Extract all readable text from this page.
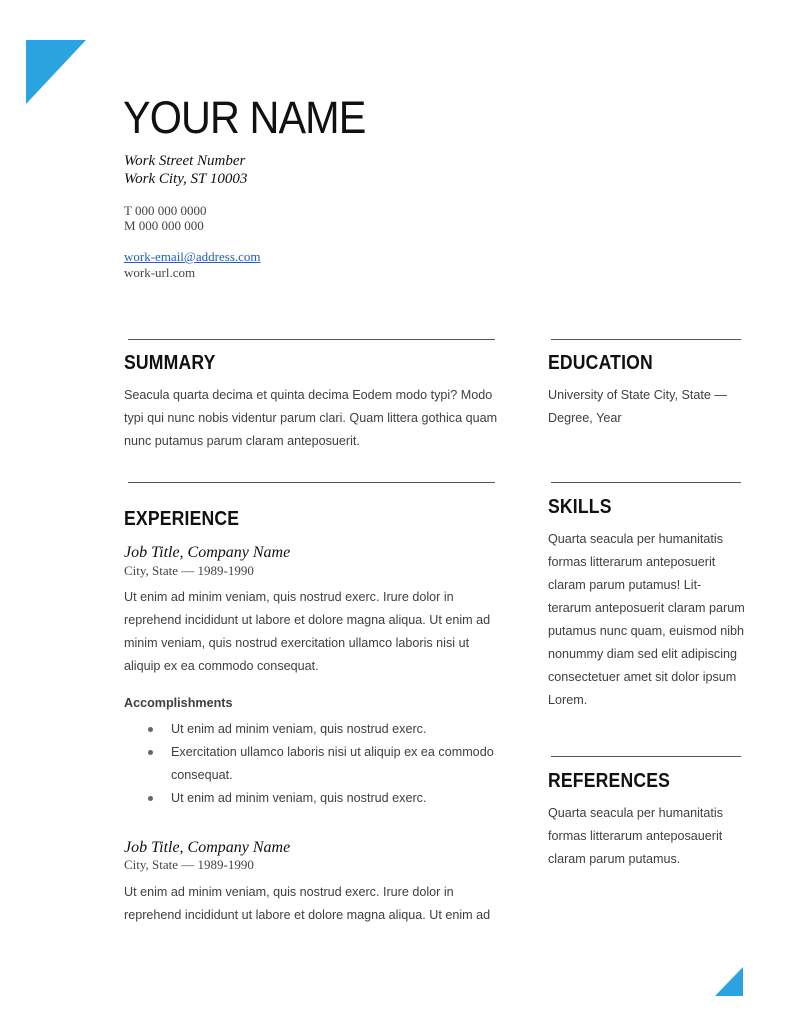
YOUR NAME
Work Street Number
Work City, ST 10003
T 000 000 0000
M 000 000 000
work-email@address.com
work-url.com
SUMMARY
Seacula quarta decima et quinta decima Eodem modo typi? Modo
typi qui nunc nobis videntur parum clari. Quam littera gothica quam
nunc putamus parum claram anteposuerit.
EXPERIENCE
Job Title, Company Name
City, State — 1989-1990
Ut enim ad minim veniam, quis nostrud exerc. Irure dolor in
reprehend incididunt ut labore et dolore magna aliqua. Ut enim ad
minim veniam, quis nostrud exercitation ullamco laboris nisi ut
aliquip ex ea commodo consequat.
Accomplishments
Ut enim ad minim veniam, quis nostrud exerc.
Exercitation ullamco laboris nisi ut aliquip ex ea commodo consequat.
Ut enim ad minim veniam, quis nostrud exerc.
Job Title, Company Name
City, State — 1989-1990
Ut enim ad minim veniam, quis nostrud exerc. Irure dolor in
reprehend incididunt ut labore et dolore magna aliqua. Ut enim ad
EDUCATION
University of State City, State —
Degree, Year
SKILLS
Quarta seacula per humanitatis
formas litterarum anteposuerit
claram parum putamus! Lit-
terarum anteposuerit claram parum
putamus nunc quam, euismod nibh
nonummy diam sed elit adipiscing
consectetuer amet sit dolor ipsum
Lorem.
REFERENCES
Quarta seacula per humanitatis
formas litterarum anteposauerit
claram parum putamus.
